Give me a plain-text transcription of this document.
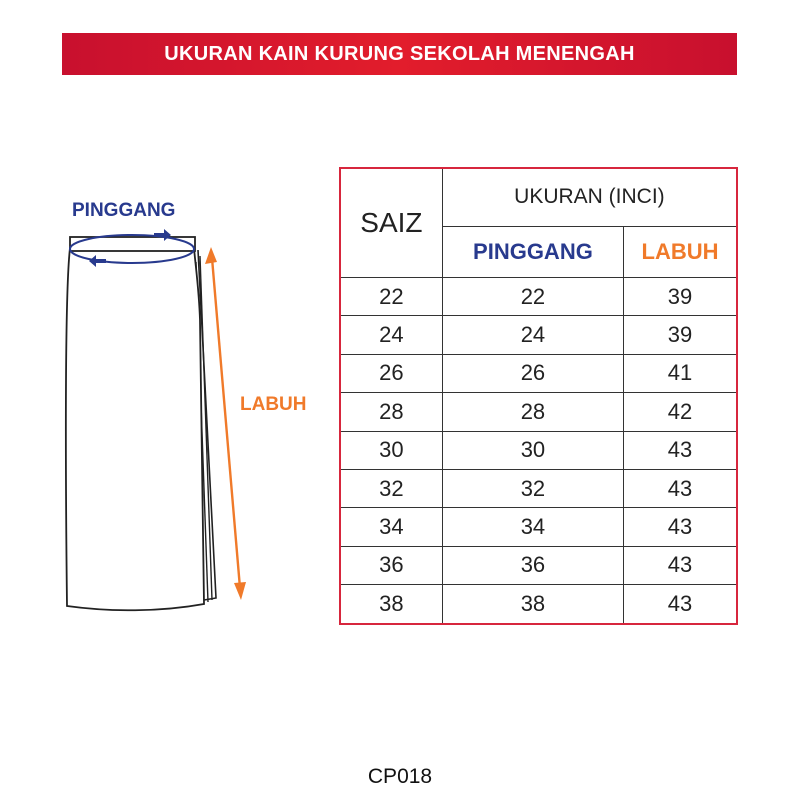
UKURAN KAIN KURUNG SEKOLAH MENENGAH
PINGGANG
LABUH
SAIZ	UKURAN (INCI)	
	PINGGANG	LABUH
22	22	39
24	24	39
26	26	41
28	28	42
30	30	43
32	32	43
34	34	43
36	36	43
38	38	43
CP018
